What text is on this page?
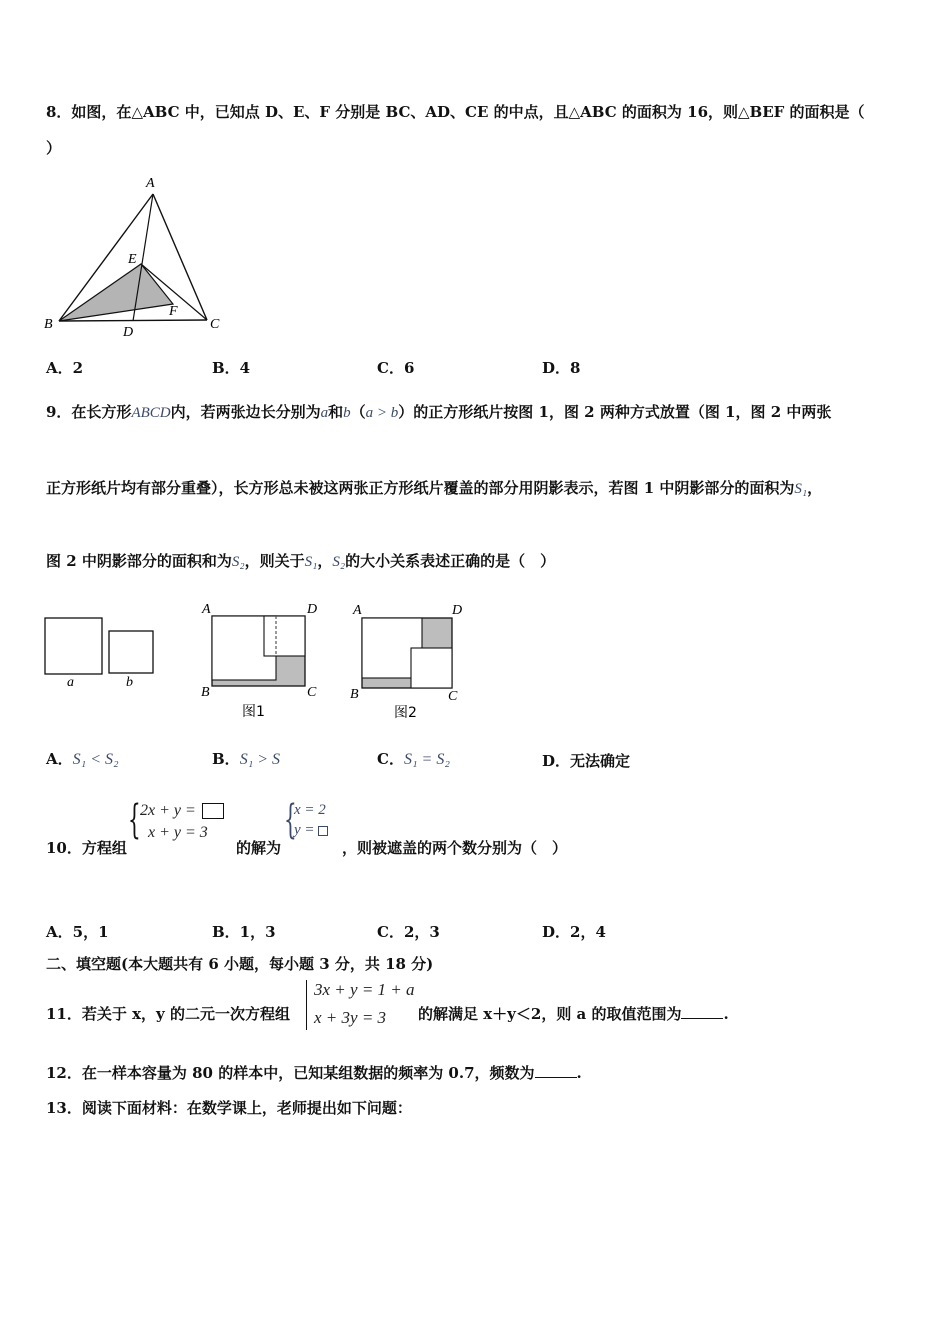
8．如图，在△ABC 中，已知点 D、E、F 分别是 BC、AD、CE 的中点，且△ABC 的面积为 16，则△BEF 的面积是（
）
A
B	C
D
E
F
A．2	B．4	C．6	D．8
9．在长方形ABCD内，若两张边长分别为a和b（a > b）的正方形纸片按图 1，图 2 两种方式放置（图 1，图 2 中两张
正方形纸片均有部分重叠），长方形总未被这两张正方形纸片覆盖的部分用阴影表示，若图 1 中阴影部分的面积为S₁，
图 2 中阴影部分的面积和为S₂，则关于S₁，S₂的大小关系表述正确的是（　）
a	b
A	D
B	C
图1
A	D
B	C
图2
A．S₁ < S₂	B．S₁ > S	C．S₁ = S₂	D．无法确定
10．方程组
{ 2x + y =
x + y = 3
的解为
{
x = 2
y =
，则被遮盖的两个数分别为（　）
A．5，1	B．1，3	C．2，3	D．2，4
二、填空题(本大题共有 6 小题，每小题 3 分，共 18 分)
11．若关于 x，y 的二元一次方程组
3x + y = 1 + a
x + 3y = 3 的解满足 x＋y＜2，则 a 的取值范围为	.
12．在一样本容量为 80 的样本中，已知某组数据的频率为 0.7，频数为	.
13．阅读下面材料：在数学课上，老师提出如下问题：
